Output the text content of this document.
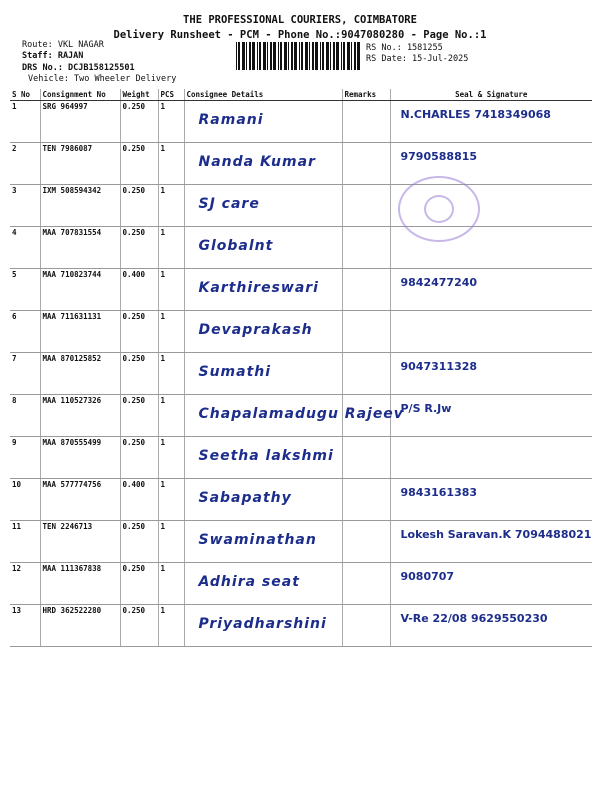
THE PROFESSIONAL COURIERS, COIMBATORE
Delivery Runsheet - PCM - Phone No.:9047080280 - Page No.:1
Route: VKL NAGAR
Staff: RAJAN
DRS No.: DCJB158125501
Vehicle: Two Wheeler Delivery
RS No.: 1581255
RS Date: 15-Jul-2025
S No	Consignment No	Weight	PCS	Consignee Details	Remarks	Seal & Signature
1	SRG 964997	0.250	1	Ramani		N.CHARLES 7418349068

2	TEN 7986087	0.250	1	Nanda Kumar		9790588815

3	IXM 508594342	0.250	1	SJ care		

4	MAA 707831554	0.250	1	Globalnt		

5	MAA 710823744	0.400	1	Karthireswari		9842477240

6	MAA 711631131	0.250	1	Devaprakash		

7	MAA 870125852	0.250	1	Sumathi		9047311328

8	MAA 110527326	0.250	1	Chapalamadugu Rajeev		P/S R.Jw

9	MAA 870555499	0.250	1	Seetha lakshmi		

10	MAA 577774756	0.400	1	Sabapathy		9843161383

11	TEN 2246713	0.250	1	Swaminathan		Lokesh Saravan.K 7094488021

12	MAA 111367838	0.250	1	Adhira seat		9080707

13	HRD 362522280	0.250	1	Priyadharshini		V-Re 22/08 9629550230
